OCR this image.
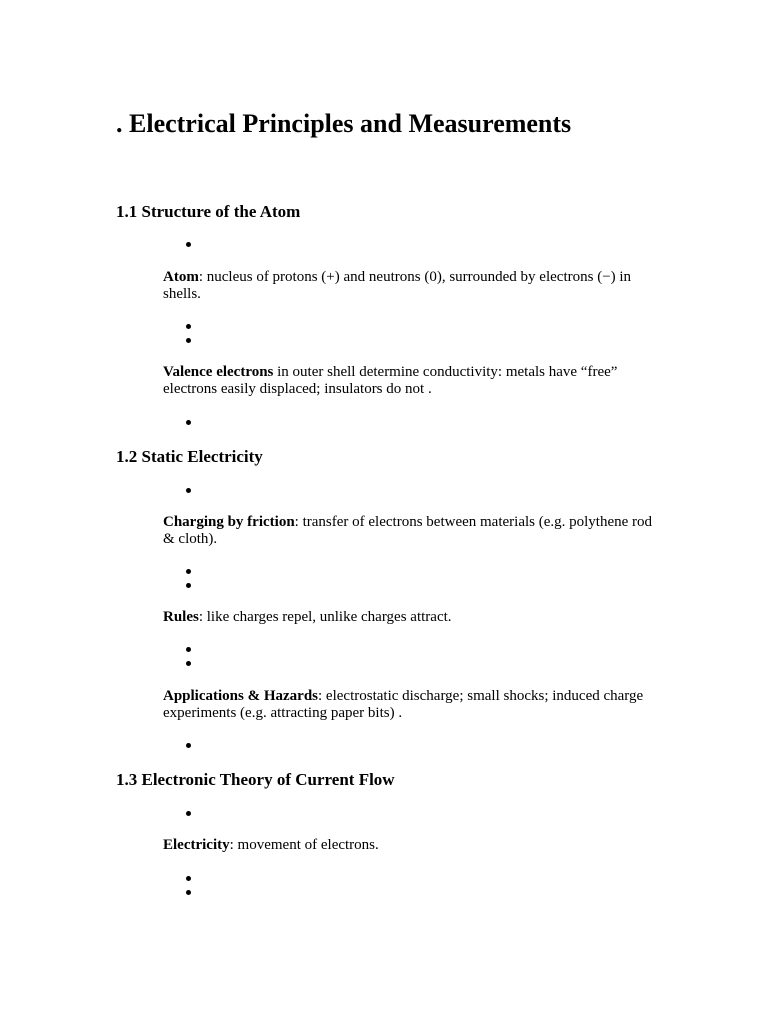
. Electrical Principles and Measurements
1.1 Structure of the Atom

Atom: nucleus of protons (+) and neutrons (0), surrounded by electrons (−) in shells.

Valence electrons in outer shell determine conductivity: metals have “free” electrons easily displaced; insulators do not .

1.2 Static Electricity

Charging by friction: transfer of electrons between materials (e.g. polythene rod & cloth).

Rules: like charges repel, unlike charges attract.

Applications & Hazards: electrostatic discharge; small shocks; induced charge experiments (e.g. attracting paper bits) .

1.3 Electronic Theory of Current Flow

Electricity: movement of electrons.
